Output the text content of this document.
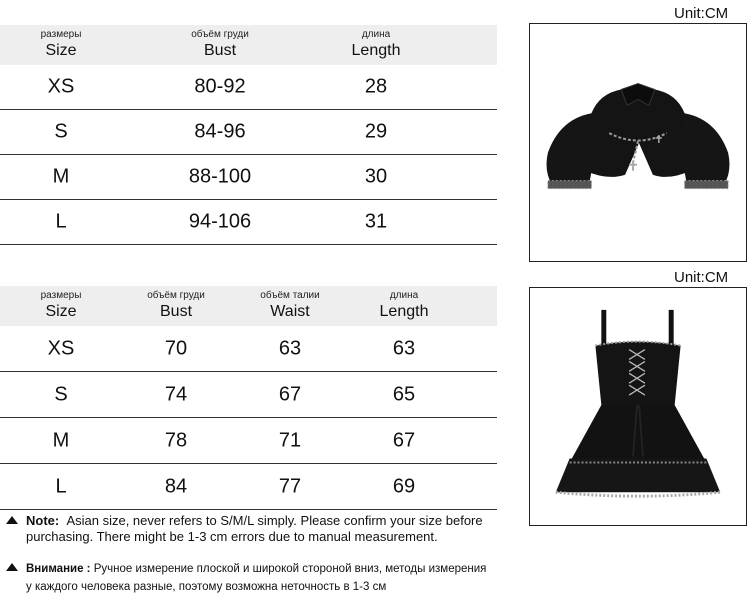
размеры
Size
объём груди
Bust
длина
Length
XS	80-92	28
S	84-96	29
M	88-100	30
L	94-106	31
размеры
Size
объём груди
Bust
объём талии
Waist
длина
Length
XS	70	63	63
S	74	67	65
M	78	71	67
L	84	77	69
Unit:CM
Unit:CM
Note: Asian size, never refers to S/M/L simply. Please confirm your size before
purchasing. There might be 1-3 cm errors due to manual measurement.
Внимание : Ручное измерение плоской и широкой стороной вниз, методы измерения
у каждого человека разные, поэтому возможна неточность в 1-3 см
